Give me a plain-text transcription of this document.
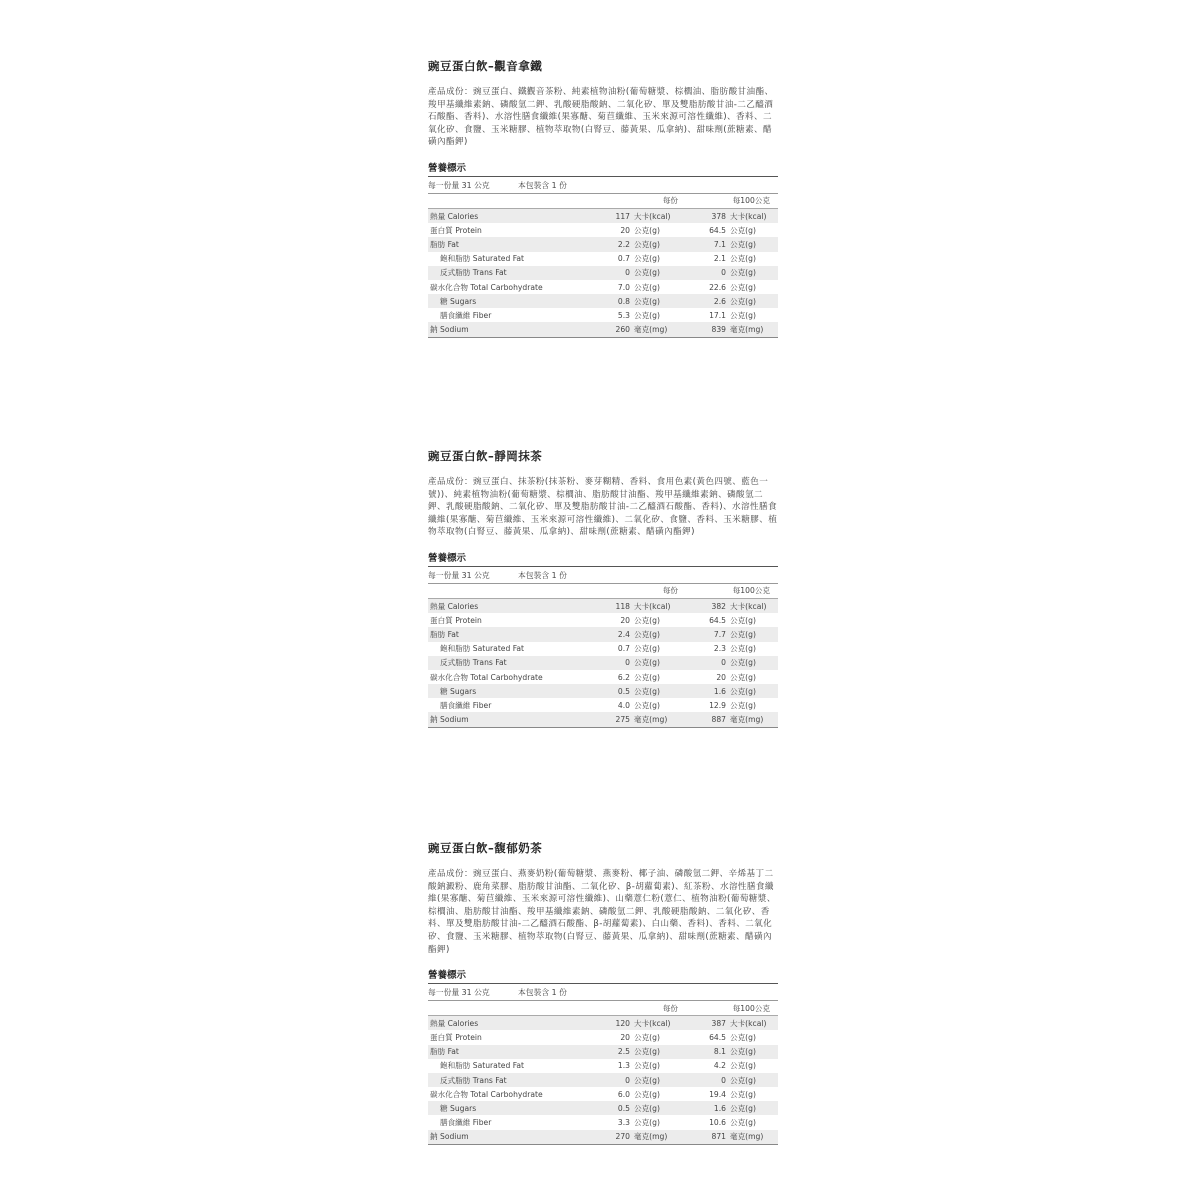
豌豆蛋白飲–觀音拿鐵
產品成份：豌豆蛋白、鐵觀音茶粉、純素植物油粉(葡萄糖漿、棕櫚油、脂肪酸甘油酯、羧甲基纖維素鈉、磷酸氫二鉀、乳酸硬脂酸鈉、二氧化矽、單及雙脂肪酸甘油-二乙醯酒石酸酯、香料)、水溶性膳食纖維(果寡醣、菊苣纖維、玉米來源可溶性纖維)、香料、二氧化矽、食鹽、玉米糖膠、植物萃取物(白腎豆、藤黃果、瓜拿納)、甜味劑(蔗糖素、醋磺內酯鉀)
營養標示
每一份量 31 公克	本包裝含 1 份
	每份		每100公克	
熱量 Calories	117	大卡(kcal)	378	大卡(kcal)
蛋白質 Protein	20	公克(g)	64.5	公克(g)
脂肪 Fat	2.2	公克(g)	7.1	公克(g)
飽和脂肪 Saturated Fat	0.7	公克(g)	2.1	公克(g)
反式脂肪 Trans Fat	0	公克(g)	0	公克(g)
碳水化合物 Total Carbohydrate	7.0	公克(g)	22.6	公克(g)
糖 Sugars	0.8	公克(g)	2.6	公克(g)
膳食纖維 Fiber	5.3	公克(g)	17.1	公克(g)
鈉 Sodium	260	毫克(mg)	839	毫克(mg)
豌豆蛋白飲–靜岡抹茶
產品成份：豌豆蛋白、抹茶粉(抹茶粉、麥芽糊精、香料、食用色素(黃色四號、藍色一號))、純素植物油粉(葡萄糖漿、棕櫚油、脂肪酸甘油酯、羧甲基纖維素鈉、磷酸氫二鉀、乳酸硬脂酸鈉、二氧化矽、單及雙脂肪酸甘油-二乙醯酒石酸酯、香料)、水溶性膳食纖維(果寡醣、菊苣纖維、玉米來源可溶性纖維)、二氧化矽、食鹽、香料、玉米糖膠、植物萃取物(白腎豆、藤黃果、瓜拿納)、甜味劑(蔗糖素、醋磺內酯鉀)
營養標示
每一份量 31 公克	本包裝含 1 份
	每份		每100公克	
熱量 Calories	118	大卡(kcal)	382	大卡(kcal)
蛋白質 Protein	20	公克(g)	64.5	公克(g)
脂肪 Fat	2.4	公克(g)	7.7	公克(g)
飽和脂肪 Saturated Fat	0.7	公克(g)	2.3	公克(g)
反式脂肪 Trans Fat	0	公克(g)	0	公克(g)
碳水化合物 Total Carbohydrate	6.2	公克(g)	20	公克(g)
糖 Sugars	0.5	公克(g)	1.6	公克(g)
膳食纖維 Fiber	4.0	公克(g)	12.9	公克(g)
鈉 Sodium	275	毫克(mg)	887	毫克(mg)
豌豆蛋白飲–馥郁奶茶
產品成份：豌豆蛋白、燕麥奶粉(葡萄糖漿、燕麥粉、椰子油、磷酸氫二鉀、辛烯基丁二酸鈉澱粉、鹿角菜膠、脂肪酸甘油酯、二氧化矽、β-胡蘿蔔素)、紅茶粉、水溶性膳食纖維(果寡醣、菊苣纖維、玉米來源可溶性纖維)、山藥薏仁粉(薏仁、植物油粉(葡萄糖漿、棕櫚油、脂肪酸甘油酯、羧甲基纖維素鈉、磷酸氫二鉀、乳酸硬脂酸鈉、二氧化矽、香料、單及雙脂肪酸甘油-二乙醯酒石酸酯、β-胡蘿蔔素)、白山藥、香料)、香料、二氧化矽、食鹽、玉米糖膠、植物萃取物(白腎豆、藤黃果、瓜拿納)、甜味劑(蔗糖素、醋磺內酯鉀)
營養標示
每一份量 31 公克	本包裝含 1 份
	每份		每100公克	
熱量 Calories	120	大卡(kcal)	387	大卡(kcal)
蛋白質 Protein	20	公克(g)	64.5	公克(g)
脂肪 Fat	2.5	公克(g)	8.1	公克(g)
飽和脂肪 Saturated Fat	1.3	公克(g)	4.2	公克(g)
反式脂肪 Trans Fat	0	公克(g)	0	公克(g)
碳水化合物 Total Carbohydrate	6.0	公克(g)	19.4	公克(g)
糖 Sugars	0.5	公克(g)	1.6	公克(g)
膳食纖維 Fiber	3.3	公克(g)	10.6	公克(g)
鈉 Sodium	270	毫克(mg)	871	毫克(mg)
